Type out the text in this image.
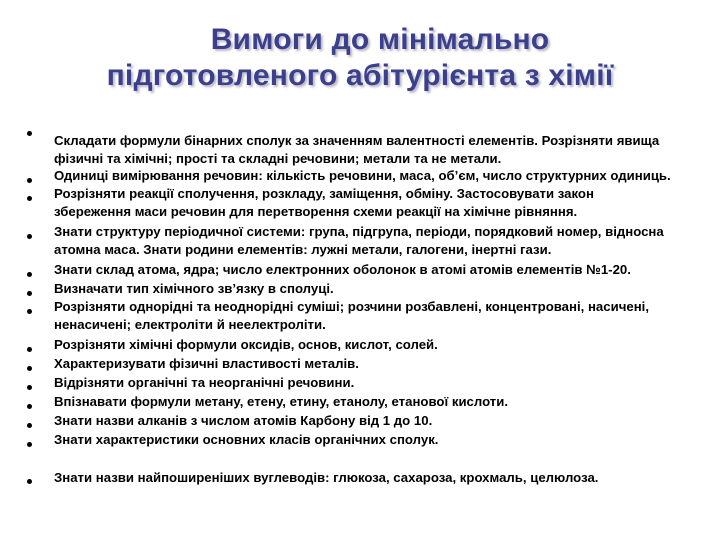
Вимоги до мінімально
підготовленого абітурієнта з хімії
Складати формули бінарних сполук за значенням валентності елементів. Розрізняти явища
фізичні та хімічні; прості та складні речовини; метали та не метали.
Одиниці вимірювання речовин: кількість речовини, маса, об’єм, число структурних одиниць.
Розрізняти реакції сполучення, розкладу, заміщення, обміну. Застосовувати закон
збереження маси речовин для перетворення схеми реакції на хімічне рівняння.
Знати структуру періодичної системи: група, підгрупа, періоди, порядковий номер, відносна
атомна маса. Знати родини елементів: лужні метали, галогени, інертні гази.
Знати склад атома, ядра; число електронних оболонок в атомі атомів елементів №1-20.
Визначати тип хімічного зв’язку в сполуці.
Розрізняти однорідні та неоднорідні суміші; розчини розбавлені, концентровані, насичені,
ненасичені; електроліти й неелектроліти.
Розрізняти хімічні формули оксидів, основ, кислот, солей.
Характеризувати фізичні властивості металів.
Відрізняти органічні та неорганічні речовини.
Впізнавати формули метану, етену, етину, етанолу, етанової кислоти.
Знати назви алканів з числом атомів Карбону від 1 до 10.
Знати характеристики основних класів органічних сполук.
Знати назви найпоширеніших вуглеводів: глюкоза, сахароза, крохмаль, целюлоза.
